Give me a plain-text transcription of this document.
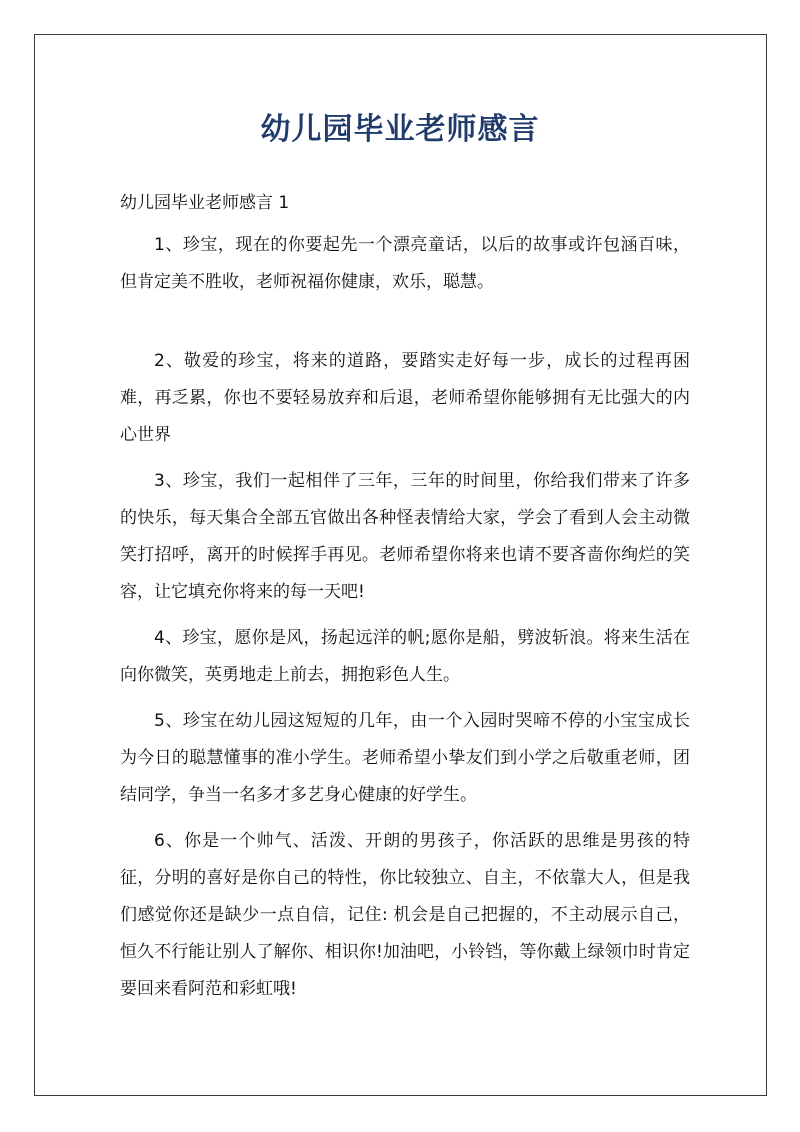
幼儿园毕业老师感言

幼儿园毕业老师感言 1

1、珍宝，现在的你要起先一个漂亮童话，以后的故事或许包涵百味，但肯定美不胜收，老师祝福你健康，欢乐，聪慧。

2、敬爱的珍宝，将来的道路，要踏实走好每一步，成长的过程再困难，再乏累，你也不要轻易放弃和后退，老师希望你能够拥有无比强大的内心世界

3、珍宝，我们一起相伴了三年，三年的时间里，你给我们带来了许多的快乐，每天集合全部五官做出各种怪表情给大家，学会了看到人会主动微笑打招呼，离开的时候挥手再见。老师希望你将来也请不要吝啬你绚烂的笑容，让它填充你将来的每一天吧!

4、珍宝，愿你是风，扬起远洋的帆;愿你是船，劈波斩浪。将来生活在向你微笑，英勇地走上前去，拥抱彩色人生。

5、珍宝在幼儿园这短短的几年，由一个入园时哭啼不停的小宝宝成长为今日的聪慧懂事的准小学生。老师希望小挚友们到小学之后敬重老师，团结同学，争当一名多才多艺身心健康的好学生。

6、你是一个帅气、活泼、开朗的男孩子，你活跃的思维是男孩的特征，分明的喜好是你自己的特性，你比较独立、自主，不依靠大人，但是我们感觉你还是缺少一点自信，记住: 机会是自己把握的，不主动展示自己，恒久不行能让别人了解你、相识你!加油吧，小铃铛，等你戴上绿领巾时肯定要回来看阿范和彩虹哦!
